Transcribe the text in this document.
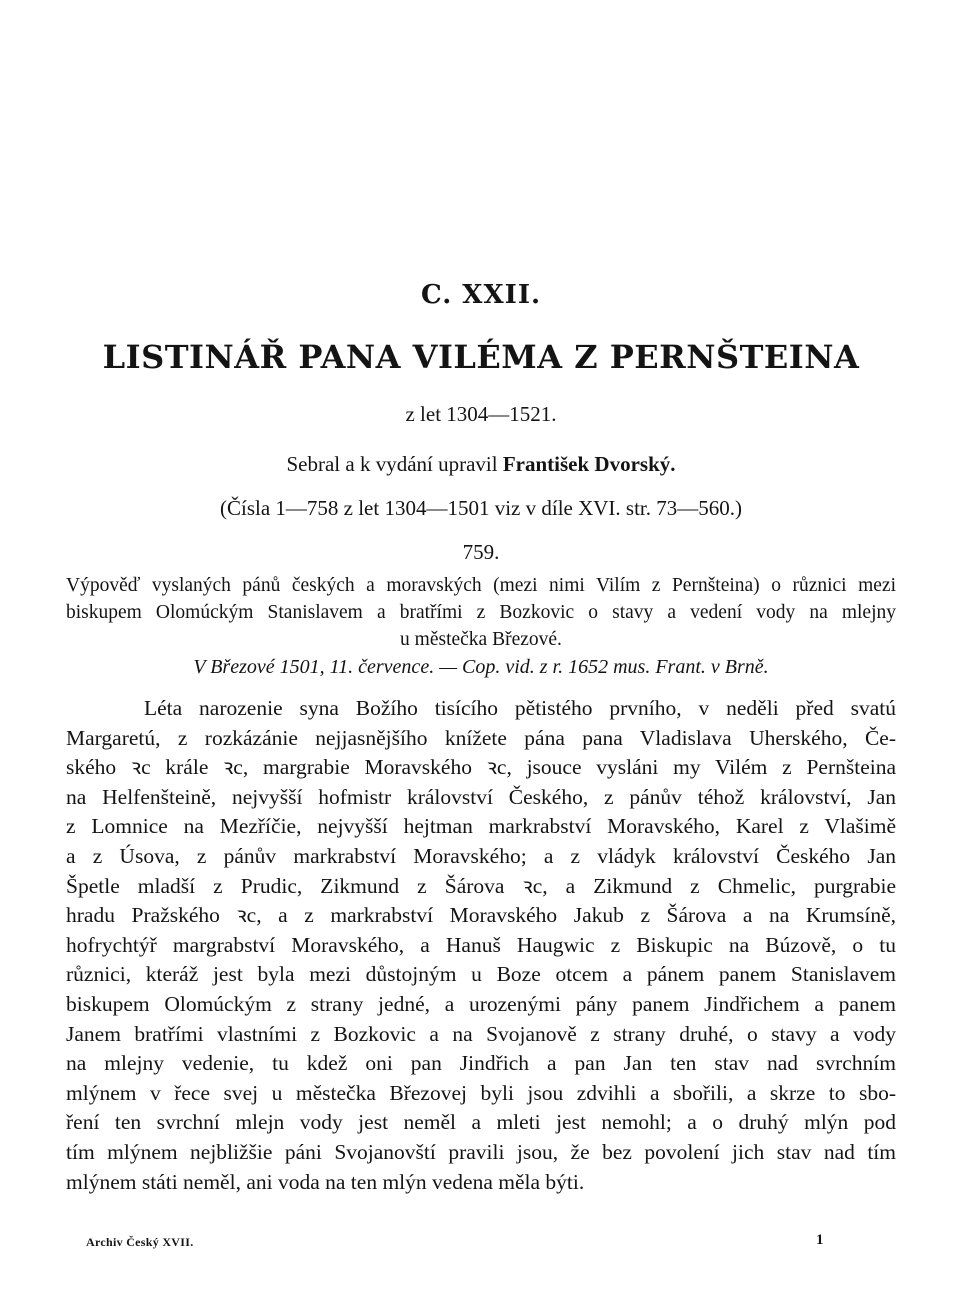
C. XXII.
LISTINÁŘ PANA VILÉMA Z PERNŠTEINA
z let 1304—1521.
Sebral a k vydání upravil František Dvorský.
(Čísla 1—758 z let 1304—1501 viz v díle XVI. str. 73—560.)
759.
Výpověď vyslaných pánů českých a moravských (mezi nimi Vilím z Pernšteina) o různici mezi
biskupem Olomúckým Stanislavem a bratřími z Bozkovic o stavy a vedení vody na mlejny
u městečka Březové.
V Březové 1501, 11. července. — Cop. vid. z r. 1652 mus. Frant. v Brně.
Léta narozenie syna Božího tisícího pětistého prvního, v neděli před svatú
Margaretú, z rozkázánie nejjasnějšího knížete pána pana Vladislava Uherského, Če-
ského ꝛc krále ꝛc, margrabie Moravského ꝛc, jsouce vysláni my Vilém z Pernšteina
na Helfenšteině, nejvyšší hofmistr království Českého, z pánův téhož království, Jan
z Lomnice na Mezříčie, nejvyšší hejtman markrabství Moravského, Karel z Vlašimě
a z Úsova, z pánův markrabství Moravského; a z vládyk království Českého Jan
Špetle mladší z Prudic, Zikmund z Šárova ꝛc, a Zikmund z Chmelic, purgrabie
hradu Pražského ꝛc, a z markrabství Moravského Jakub z Šárova a na Krumsíně,
hofrychtýř margrabství Moravského, a Hanuš Haugwic z Biskupic na Búzově, o tu
různici, kteráž jest byla mezi důstojným u Boze otcem a pánem panem Stanislavem
biskupem Olomúckým z strany jedné, a urozenými pány panem Jindřichem a panem
Janem bratřími vlastními z Bozkovic a na Svojanově z strany druhé, o stavy a vody
na mlejny vedenie, tu kdež oni pan Jindřich a pan Jan ten stav nad svrchním
mlýnem v řece svej u městečka Březovej byli jsou zdvihli a sbořili, a skrze to sbo-
ření ten svrchní mlejn vody jest neměl a mleti jest nemohl; a o druhý mlýn pod
tím mlýnem nejbližšie páni Svojanovští pravili jsou, že bez povolení jich stav nad tím
mlýnem státi neměl, ani voda na ten mlýn vedena měla býti.
Archiv Český XVII.	1
